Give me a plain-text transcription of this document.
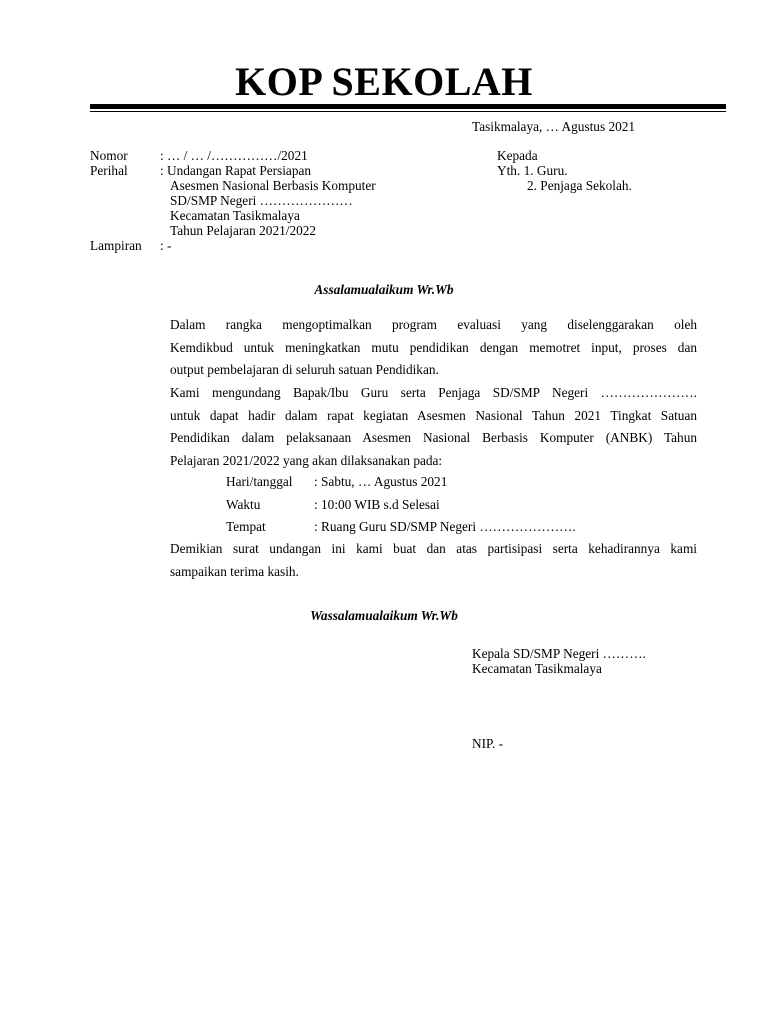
KOP SEKOLAH
Tasikmalaya, … Agustus 2021
Nomor : … / … /……………/2021
Perihal : Undangan Rapat Persiapan
Asesmen Nasional Berbasis Komputer
SD/SMP Negeri …………………
Kecamatan Tasikmalaya
Tahun Pelajaran 2021/2022
Lampiran : -
Kepada
Yth. 1. Guru.
2. Penjaga Sekolah.
Assalamualaikum Wr.Wb
Dalam rangka mengoptimalkan program evaluasi yang diselenggarakan oleh
Kemdikbud untuk meningkatkan mutu pendidikan dengan memotret input, proses dan
output pembelajaran di seluruh satuan Pendidikan.
Kami mengundang Bapak/Ibu Guru serta Penjaga SD/SMP Negeri ………………….
untuk dapat hadir dalam rapat kegiatan Asesmen Nasional Tahun 2021 Tingkat Satuan
Pendidikan dalam pelaksanaan Asesmen Nasional Berbasis Komputer (ANBK) Tahun
Pelajaran 2021/2022 yang akan dilaksanakan pada:
Hari/tanggal : Sabtu, … Agustus 2021
Waktu	: 10:00 WIB s.d Selesai
Tempat	: Ruang Guru SD/SMP Negeri ………………….
Demikian surat undangan ini kami buat dan atas partisipasi serta kehadirannya kami
sampaikan terima kasih.
Wassalamualaikum Wr.Wb
Kepala SD/SMP Negeri ……….
Kecamatan Tasikmalaya
NIP. -
